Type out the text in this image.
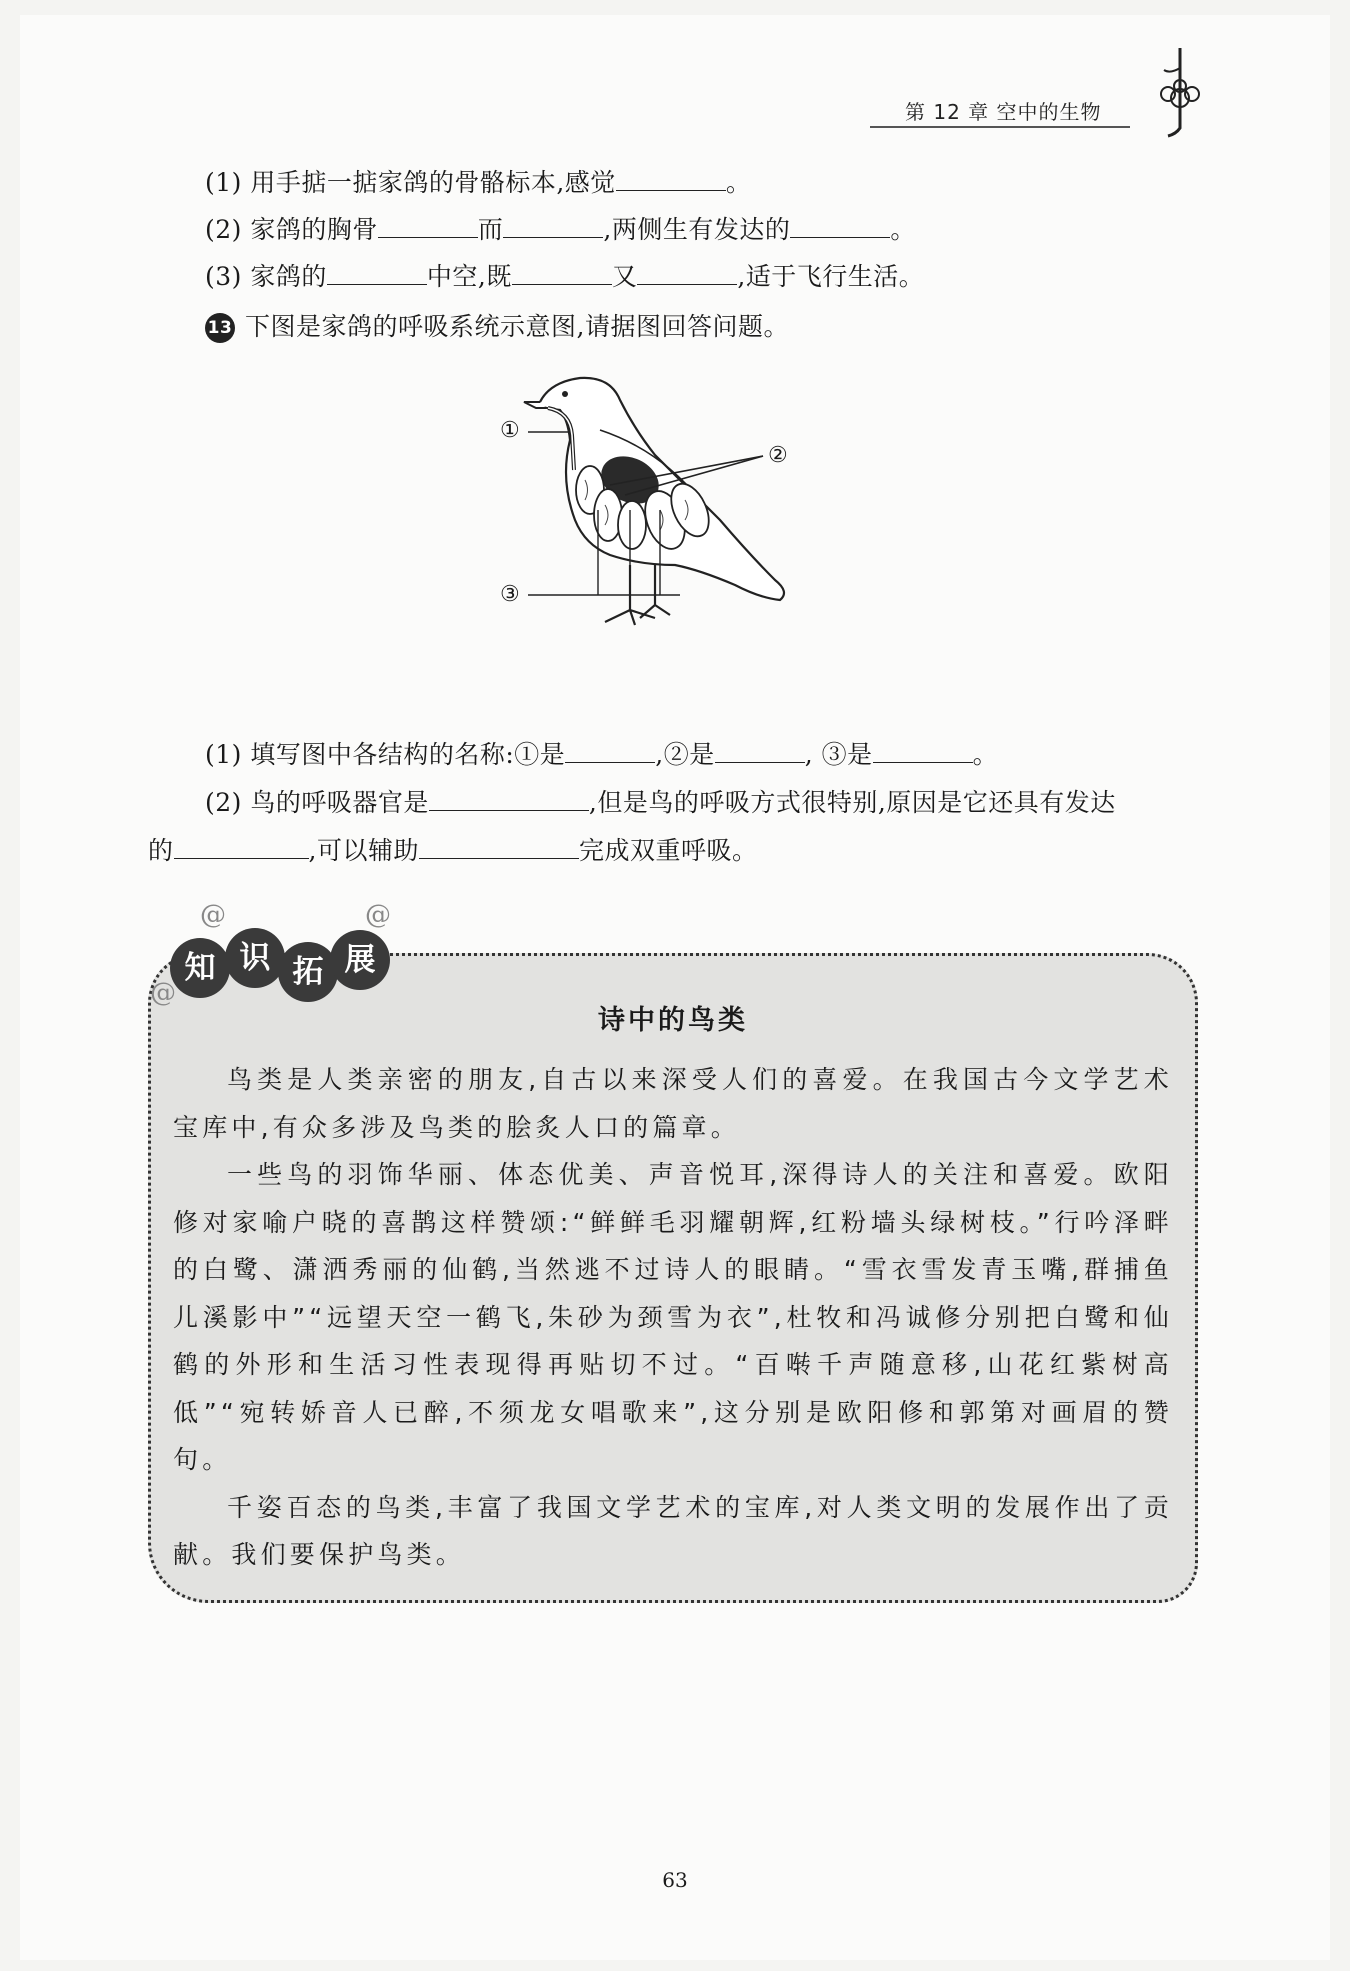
第 12 章 空中的生物
(1) 用手掂一掂家鸽的骨骼标本,感觉	。
(2) 家鸽的胸骨	而	,两侧生有发达的	。
(3) 家鸽的	中空,既	又	,适于飞行生活。
13 下图是家鸽的呼吸系统示意图,请据图回答问题。
①
②
③
(1) 填写图中各结构的名称:①是	,②是	, ③是	。
(2) 鸟的呼吸器官是	,但是鸟的呼吸方式很特别,原因是它还具有发达
的	,可以辅助	完成双重呼吸。
诗中的鸟类

鸟类是人类亲密的朋友,自古以来深受人们的喜爱。在我国古今文学艺术宝库中,有众多涉及鸟类的脍炙人口的篇章。

一些鸟的羽饰华丽、体态优美、声音悦耳,深得诗人的关注和喜爱。欧阳修对家喻户晓的喜鹊这样赞颂:“鲜鲜毛羽耀朝辉,红粉墙头绿树枝。”行吟泽畔的白鹭、潇洒秀丽的仙鹤,当然逃不过诗人的眼睛。“雪衣雪发青玉嘴,群捕鱼儿溪影中”“远望天空一鹤飞,朱砂为颈雪为衣”,杜牧和冯诚修分别把白鹭和仙鹤的外形和生活习性表现得再贴切不过。“百啭千声随意移,山花红紫树高低”“宛转娇音人已醉,不须龙女唱歌来”,这分别是欧阳修和郭第对画眉的赞句。

千姿百态的鸟类,丰富了我国文学艺术的宝库,对人类文明的发展作出了贡献。我们要保护鸟类。

@	@
@
知 识 拓 展
63
